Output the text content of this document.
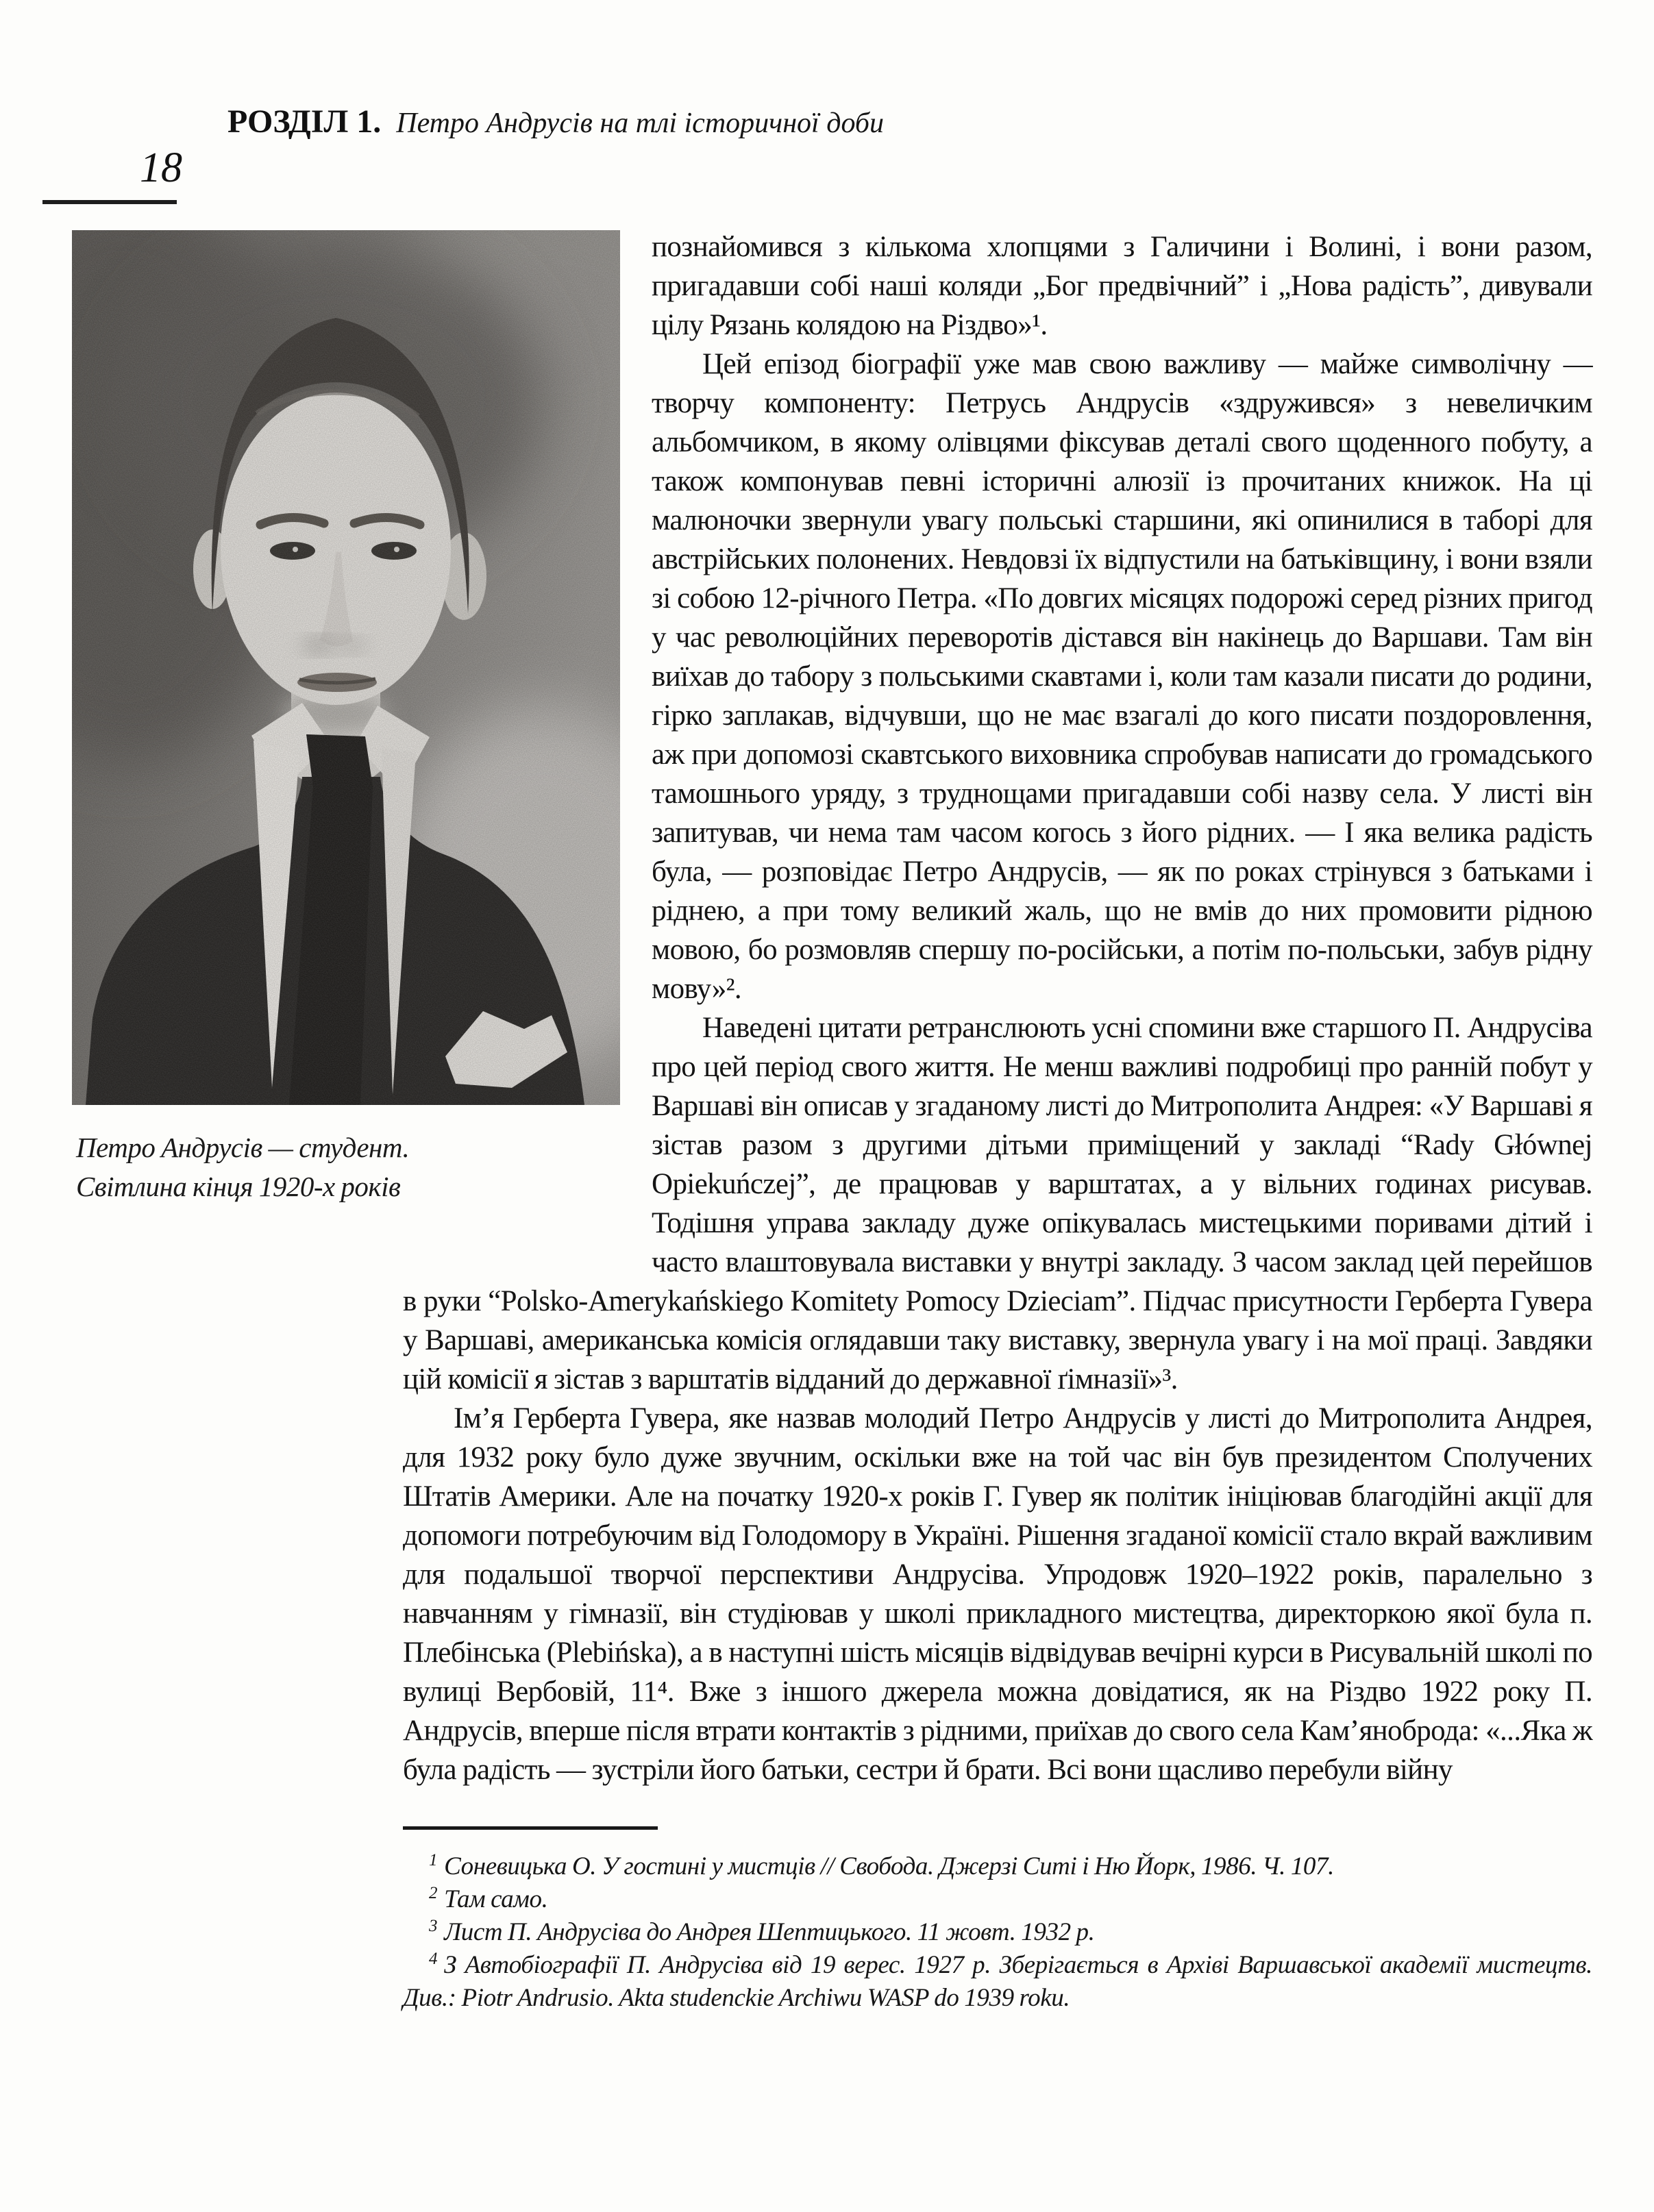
РОЗДІЛ 1. Петро Андрусів на тлі історичної доби
18
Петро Андрусів — студент.
Світлина кінця 1920-х років

познайомився з кількома хлопцями з Галичини і Волині, і вони разом, пригадавши собі наші коляди „Бог предвічний” і „Нова радість”, дивували цілу Рязань колядою на Різдво»¹.

Цей епізод біографії уже мав свою важливу — майже символічну — творчу компоненту: Петрусь Андрусів «здружився» з невеличким альбомчиком, в якому олівцями фіксував деталі свого щоденного побуту, а також компонував певні історичні алюзії із прочитаних книжок. На ці малюночки звернули увагу польські старшини, які опинилися в таборі для австрійських полонених. Невдовзі їх відпустили на батьківщину, і вони взяли зі собою 12-річного Петра. «По довгих місяцях подорожі серед різних пригод у час революційних переворотів дістався він накінець до Варшави. Там він виїхав до табору з польськими скавтами і, коли там казали писати до родини, гірко заплакав, відчувши, що не має взагалі до кого писати поздоровлення, аж при допомозі скавтського виховника спробував написати до громадського тамошнього уряду, з труднощами пригадавши собі назву села. У листі він запитував, чи нема там часом когось з його рідних. — І яка велика радість була, — розповідає Петро Андрусів, — як по роках стрінувся з батьками і ріднею, а при тому великий жаль, що не вмів до них промовити рідною мовою, бо розмовляв спершу по-російськи, а потім по-польськи, забув рідну мову»².

Наведені цитати ретранслюють усні спомини вже старшого П. Андрусіва про цей період свого життя. Не менш важливі подробиці про ранній побут у Варшаві він описав у згаданому листі до Митрополита Андрея: «У Варшаві я зістав разом з другими дітьми приміщений у закладі “Rady Głównej Opiekuńczej”, де працював у варштатах, а у вільних годинах рисував. Тодішня управа закладу дуже опікувалась мистецькими поривами дітий і часто влаштовувала виставки у внутрі закладу. З часом заклад цей перейшов в руки “Polsko-Amerykańskiego Komitety Pomocy Dzieciam”. Підчас присутности Герберта Гувера у Варшаві, американська комісія оглядавши таку виставку, звернула увагу і на мої праці. Завдяки цій комісії я зістав з варштатів відданий до державної ґімназії»³.

Ім’я Герберта Гувера, яке назвав молодий Петро Андрусів у листі до Митрополита Андрея, для 1932 року було дуже звучним, оскільки вже на той час він був президентом Сполучених Штатів Америки. Але на початку 1920-х років Г. Гувер як політик ініціював благодійні акції для допомоги потребуючим від Голодомору в Україні. Рішення згаданої комісії стало вкрай важливим для подальшої творчої перспективи Андрусіва. Упродовж 1920–1922 років, паралельно з навчанням у гімназії, він студіював у школі прикладного мистецтва, директоркою якої була п. Плебінська (Plebińska), а в наступні шість місяців відвідував вечірні курси в Рисувальній школі по вулиці Вербовій, 11⁴. Вже з іншого джерела можна довідатися, як на Різдво 1922 року П. Андрусів, вперше після втрати контактів з рідними, приїхав до свого села Кам’яноброда: «...Яка ж була радість — зустріли його батьки, сестри й брати. Всі вони щасливо перебули війну

$^1$ Соневицька О. У гостині у мистців // Свобода. Джерзі Ситі і Ню Йорк, 1986. Ч. 107.
$^2$ Там само.
$^3$ Лист П. Андрусіва до Андрея Шептицького. 11 жовт. 1932 р.
$^4$ З Автобіографії П. Андрусіва від 19 верес. 1927 р. Зберігається в Архіві Варшавської академії мистецтв. Див.: Piotr Andrusio. Akta studenckie Archiwu WASP do 1939 roku.
